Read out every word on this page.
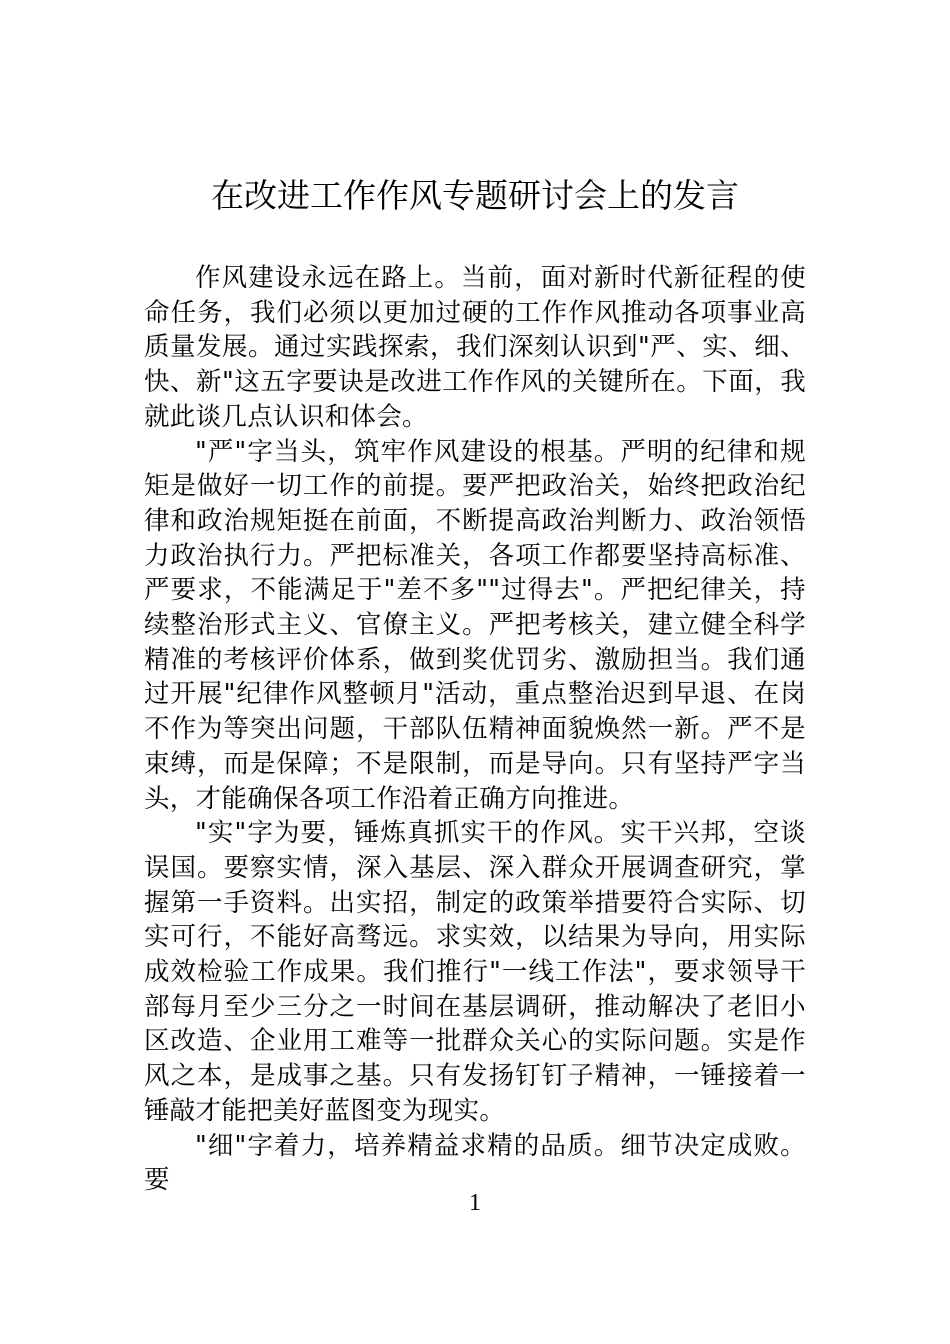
在改进工作作风专题研讨会上的发言

作风建设永远在路上。当前，面对新时代新征程的使命任务，我们必须以更加过硬的工作作风推动各项事业高质量发展。通过实践探索，我们深刻认识到"严、实、细、快、新"这五字要诀是改进工作作风的关键所在。下面，我就此谈几点认识和体会。

"严"字当头，筑牢作风建设的根基。严明的纪律和规矩是做好一切工作的前提。要严把政治关，始终把政治纪律和政治规矩挺在前面，不断提高政治判断力、政治领悟力政治执行力。严把标准关，各项工作都要坚持高标准、严要求，不能满足于"差不多""过得去"。严把纪律关，持续整治形式主义、官僚主义。严把考核关，建立健全科学精准的考核评价体系，做到奖优罚劣、激励担当。我们通过开展"纪律作风整顿月"活动，重点整治迟到早退、在岗不作为等突出问题，干部队伍精神面貌焕然一新。严不是束缚，而是保障；不是限制，而是导向。只有坚持严字当头，才能确保各项工作沿着正确方向推进。

"实"字为要，锤炼真抓实干的作风。实干兴邦，空谈误国。要察实情，深入基层、深入群众开展调查研究，掌握第一手资料。出实招，制定的政策举措要符合实际、切实可行，不能好高骛远。求实效，以结果为导向，用实际成效检验工作成果。我们推行"一线工作法"，要求领导干部每月至少三分之一时间在基层调研，推动解决了老旧小区改造、企业用工难等一批群众关心的实际问题。实是作风之本，是成事之基。只有发扬钉钉子精神，一锤接着一锤敲才能把美好蓝图变为现实。

"细"字着力，培养精益求精的品质。细节决定成败。要

1
